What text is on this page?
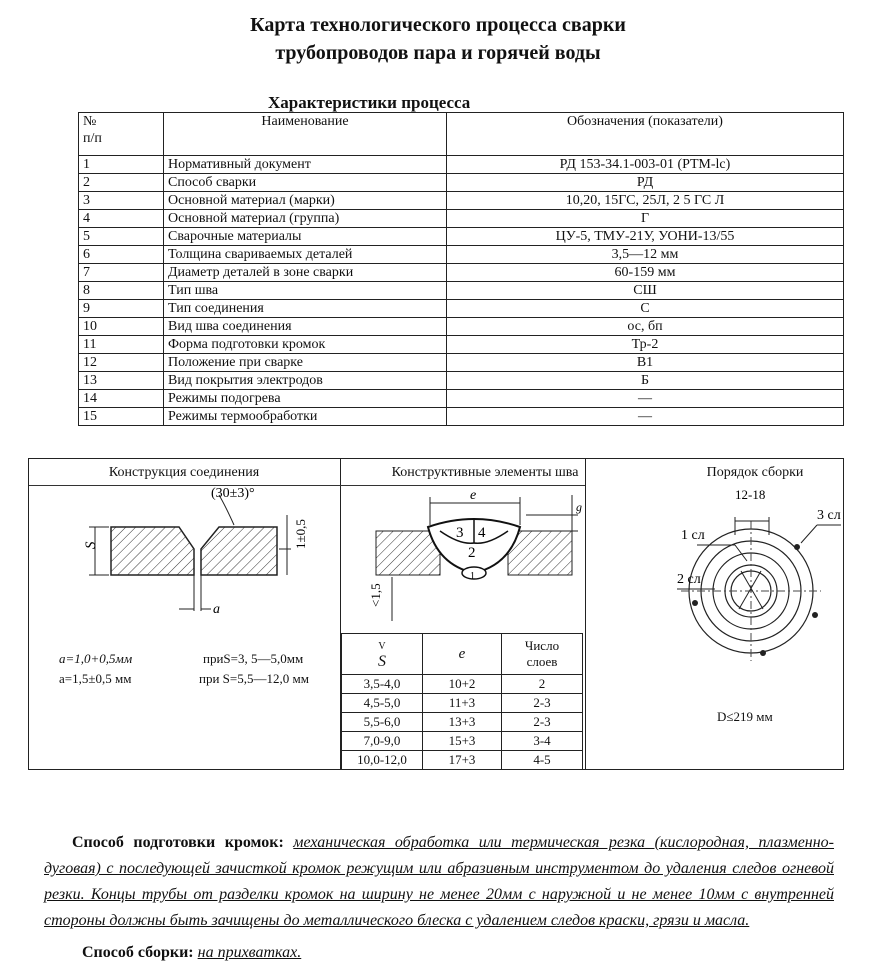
Карта технологического процесса сварки
трубопроводов пара и горячей воды
Характеристики процесса
№
п/п	Наименование	Обозначения (показатели)
1	Нормативный документ	РД 153-34.1-003-01 (РТМ-lс)
2	Способ сварки	РД
3	Основной материал (марки)	10,20, 15ГС, 25Л, 2 5 ГС Л
4	Основной материал (группа)	Г
5	Сварочные материалы	ЦУ-5, ТМУ-21У, УОНИ-13/55
6	Толщина свариваемых деталей	3,5—12 мм
7	Диаметр деталей в зоне сварки	60-159 мм
8	Тип шва	СШ
9	Тип соединения	С
10	Вид шва соединения	ос, бп
11	Форма подготовки кромок	Тр-2
12	Положение при сварке	В1
13	Вид покрытия электродов	Б
14	Режимы подогрева	—
15	Режимы термообработки	—
Конструкция соединения	Конструктивные элементы шва	Порядок сборки
S
(30±3)°
1±0,5
a
a=1,0+0,5мм	приS=3, 5—5,0мм
a=1,5±0,5 мм	при S=5,5—12,0 мм
3 4
2
1
e
g
<1,5
V
S	e	Число
слоев
3,5-4,0	10+2	2
4,5-5,0	11+3	2-3
5,5-6,0	13+3	2-3
7,0-9,0	15+3	3-4
10,0-12,0	17+3	4-5
12-18
1 сл
2 сл
3 сл
D≤219 мм
Способ подготовки кромок: механическая обработка или термическая резка (кислородная, плазменно-дуговая) с последующей зачисткой кромок режущим или абразивным инструментом до удаления следов огневой резки. Концы трубы от разделки кромок на ширину не менее 20мм с наружной и не менее 10мм с внутренней стороны должны быть зачищены до металлического блеска с удалением следов краски, грязи и масла.
Способ сборки: на прихватках.
